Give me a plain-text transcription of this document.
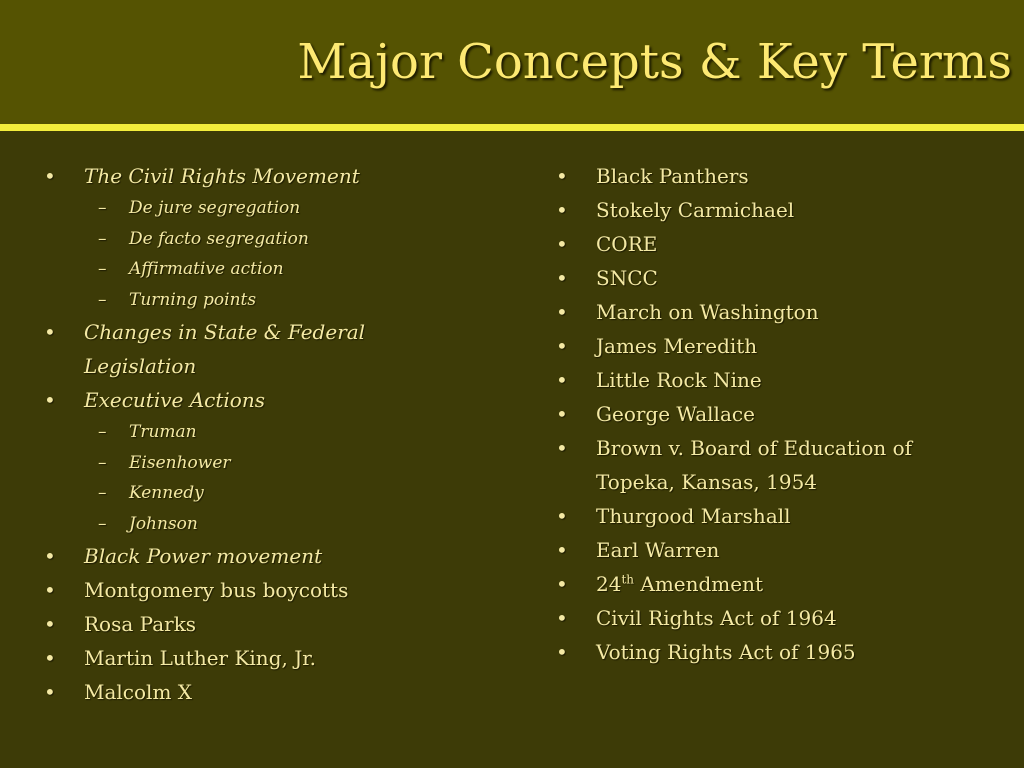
Major Concepts & Key Terms
• The Civil Rights Movement
– De jure segregation
– De facto segregation
– Affirmative action
– Turning points
• Changes in State & Federal
Legislation
• Executive Actions
– Truman
– Eisenhower
– Kennedy
– Johnson
• Black Power movement
• Montgomery bus boycotts
• Rosa Parks
• Martin Luther King, Jr.
• Malcolm X
• Black Panthers
• Stokely Carmichael
• CORE
• SNCC
• March on Washington
• James Meredith
• Little Rock Nine
• George Wallace
• Brown v. Board of Education of
Topeka, Kansas, 1954
• Thurgood Marshall
• Earl Warren
• 24th Amendment
• Civil Rights Act of 1964
• Voting Rights Act of 1965
